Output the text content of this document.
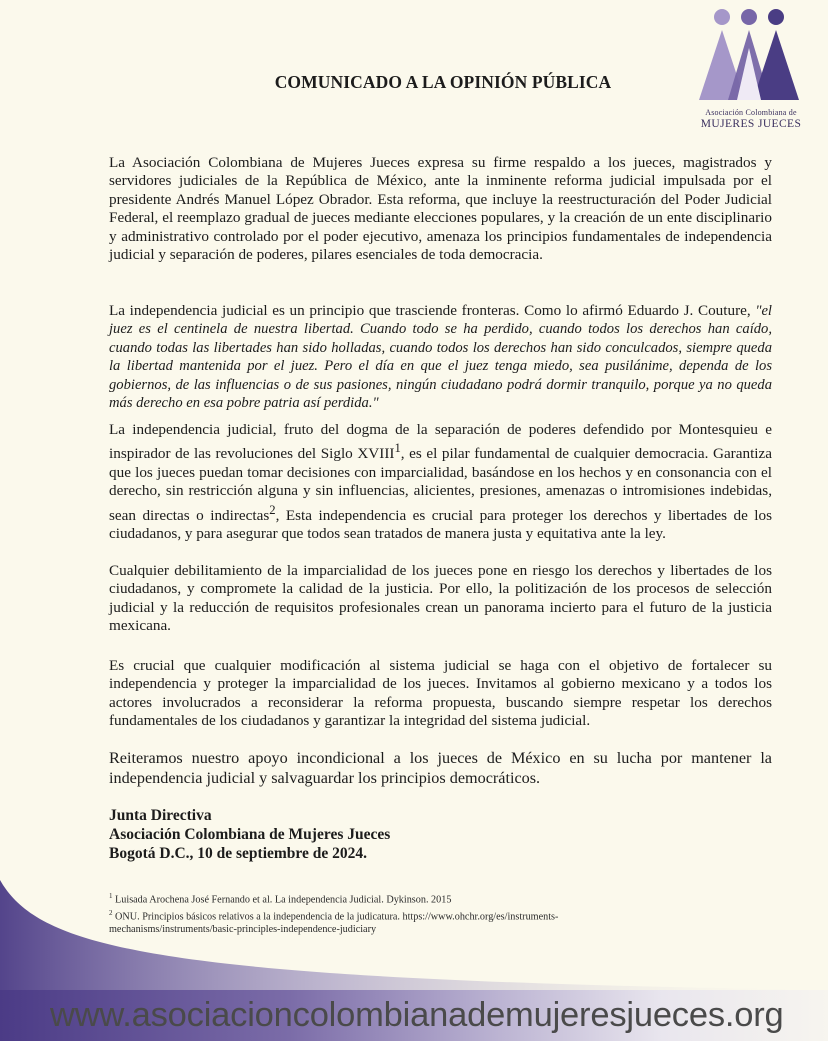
Asociación Colombiana de
MUJERES JUECES
COMUNICADO A LA OPINIÓN PÚBLICA

La Asociación Colombiana de Mujeres Jueces expresa su firme respaldo a los jueces, magistrados y servidores judiciales de la República de México, ante la inminente reforma judicial impulsada por el presidente Andrés Manuel López Obrador. Esta reforma, que incluye la reestructuración del Poder Judicial Federal, el reemplazo gradual de jueces mediante elecciones populares, y la creación de un ente disciplinario y administrativo controlado por el poder ejecutivo, amenaza los principios fundamentales de independencia judicial y separación de poderes, pilares esenciales de toda democracia.

La independencia judicial es un principio que trasciende fronteras. Como lo afirmó Eduardo J. Couture, "el juez es el centinela de nuestra libertad. Cuando todo se ha perdido, cuando todos los derechos han caído, cuando todas las libertades han sido holladas, cuando todos los derechos han sido conculcados, siempre queda la libertad mantenida por el juez. Pero el día en que el juez tenga miedo, sea pusilánime, dependa de los gobiernos, de las influencias o de sus pasiones, ningún ciudadano podrá dormir tranquilo, porque ya no queda más derecho en esa pobre patria así perdida."

La independencia judicial, fruto del dogma de la separación de poderes defendido por Montesquieu e inspirador de las revoluciones del Siglo XVIII$^1$, es el pilar fundamental de cualquier democracia. Garantiza que los jueces puedan tomar decisiones con imparcialidad, basándose en los hechos y en consonancia con el derecho, sin restricción alguna y sin influencias, alicientes, presiones, amenazas o intromisiones indebidas, sean directas o indirectas$^2$, Esta independencia es crucial para proteger los derechos y libertades de los ciudadanos, y para asegurar que todos sean tratados de manera justa y equitativa ante la ley.

Cualquier debilitamiento de la imparcialidad de los jueces pone en riesgo los derechos y libertades de los ciudadanos, y compromete la calidad de la justicia. Por ello, la politización de los procesos de selección judicial y la reducción de requisitos profesionales crean un panorama incierto para el futuro de la justicia mexicana.

Es crucial que cualquier modificación al sistema judicial se haga con el objetivo de fortalecer su independencia y proteger la imparcialidad de los jueces. Invitamos al gobierno mexicano y a todos los actores involucrados a reconsiderar la reforma propuesta, buscando siempre respetar los derechos fundamentales de los ciudadanos y garantizar la integridad del sistema judicial.

Reiteramos nuestro apoyo incondicional a los jueces de México en su lucha por mantener la independencia judicial y salvaguardar los principios democráticos.

Junta Directiva
Asociación Colombiana de Mujeres Jueces
Bogotá D.C., 10 de septiembre de 2024.
$^1$ Luisada Arochena José Fernando et al. La independencia Judicial. Dykinson. 2015
$^2$ ONU. Principios básicos relativos a la independencia de la judicatura. https://www.ohchr.org/es/instruments-mechanisms/instruments/basic-principles-independence-judiciary
www.asociacioncolombianademujeresjueces.org
